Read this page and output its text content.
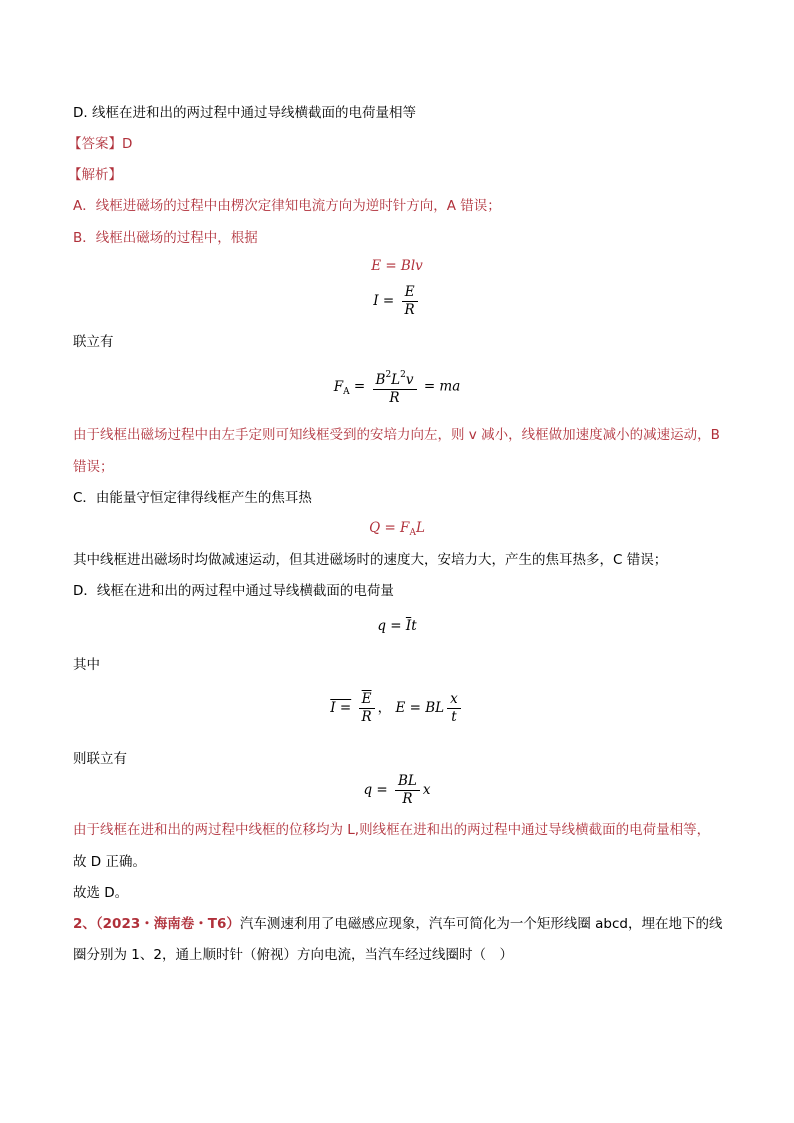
D. 线框在进和出的两过程中通过导线横截面的电荷量相等
【答案】D
【解析】
A．线框进磁场的过程中由楞次定律知电流方向为逆时针方向，A 错误；
B．线框出磁场的过程中，根据
E = Blv
$I = \frac{E}{R}$
联立有
$F_A = \frac{B^2L^2v}{R}$ = ma
由于线框出磁场过程中由左手定则可知线框受到的安培力向左，则 v 减小，线框做加速度减小的减速运动，B
错误；
C．由能量守恒定律得线框产生的焦耳热
$Q = F_AL$
其中线框进出磁场时均做减速运动，但其进磁场时的速度大，安培力大，产生的焦耳热多，C 错误；
D．线框在进和出的两过程中通过导线横截面的电荷量
$q = \overline{I}t$
其中
$I = \frac{\overline{E}}{R}$ ， E = BL $\frac{x}{t}$
则联立有
$q = \frac{BL}{R}$ x
由于线框在进和出的两过程中线框的位移均为 L,则线框在进和出的两过程中通过导线横截面的电荷量相等，
故 D 正确。
故选 D。
2、（2023・海南卷・T6）汽车测速利用了电磁感应现象，汽车可简化为一个矩形线圈 abcd，埋在地下的线
圈分别为 1、2，通上顺时针（俯视）方向电流，当汽车经过线圈时（　）
